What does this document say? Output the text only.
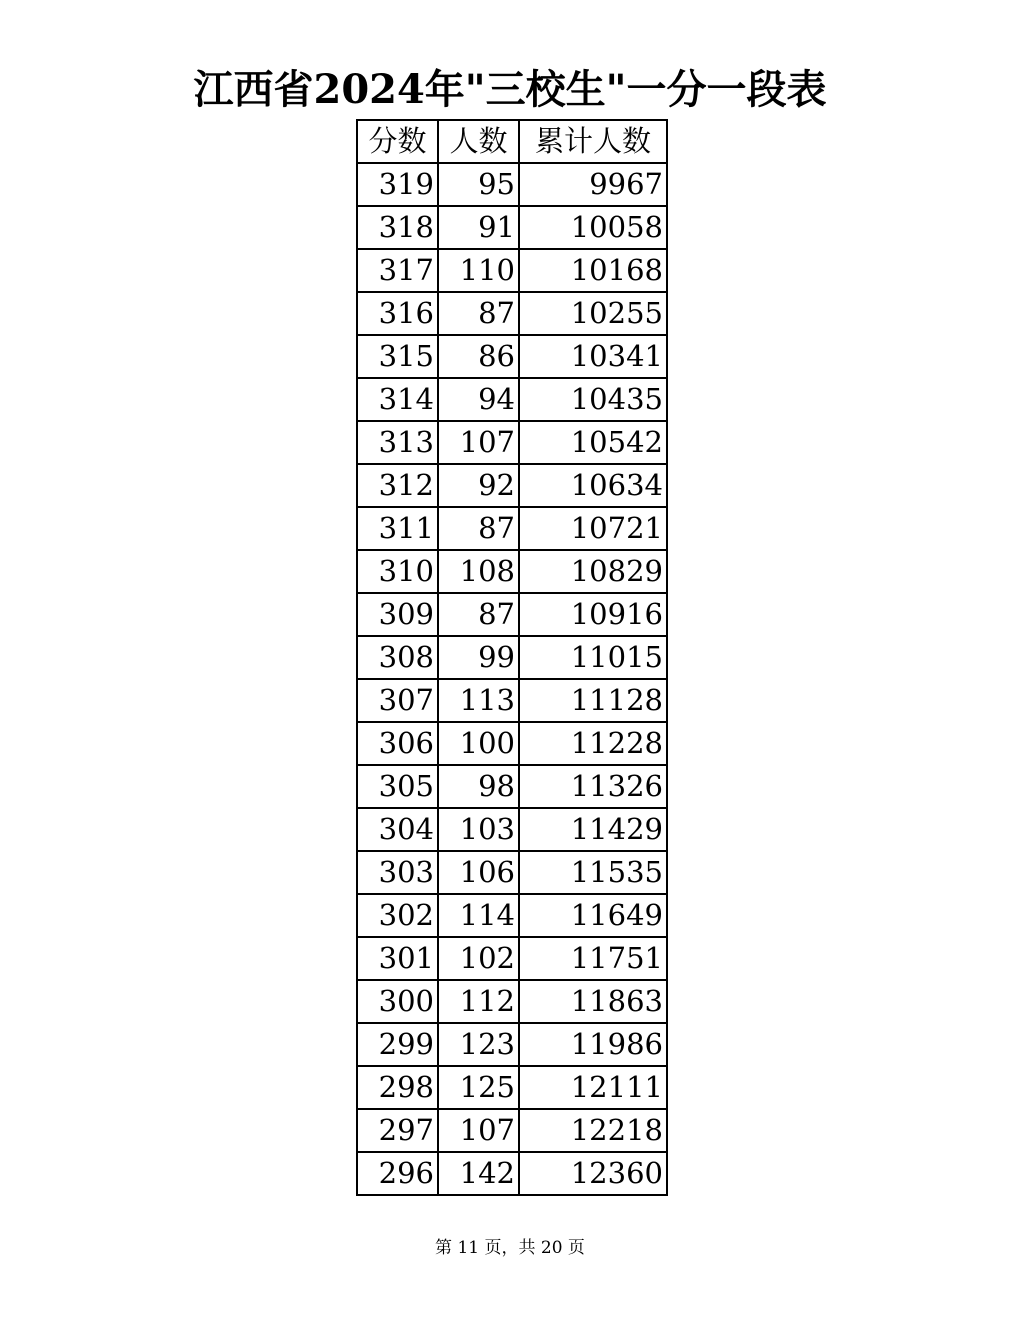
江西省2024年"三校生"一分一段表
分数	人数	累计人数
319	95	9967
318	91	10058
317	110	10168
316	87	10255
315	86	10341
314	94	10435
313	107	10542
312	92	10634
311	87	10721
310	108	10829
309	87	10916
308	99	11015
307	113	11128
306	100	11228
305	98	11326
304	103	11429
303	106	11535
302	114	11649
301	102	11751
300	112	11863
299	123	11986
298	125	12111
297	107	12218
296	142	12360
第 11 页，共 20 页
